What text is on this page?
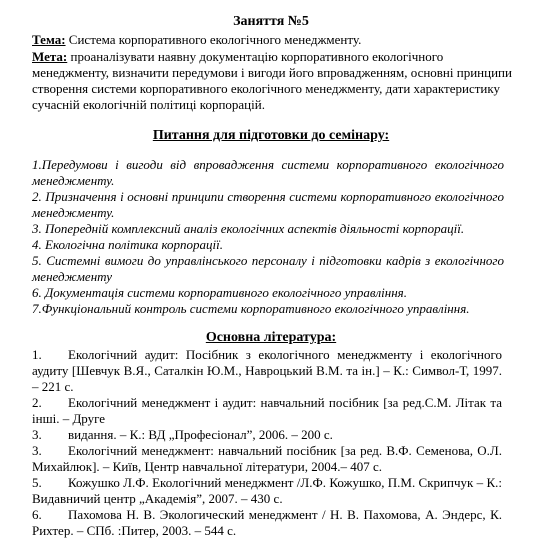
Заняття №5
Тема: Система корпоративного екологічного менеджменту.
Мета: проаналізувати наявну документацію корпоративного екологічного менеджменту, визначити передумови і вигоди його впровадженням, основні принципи створення системи корпоративного екологічного менеджменту, дати характеристику сучасній екологічній політиці корпорацій.
Питання для підготовки до семінару:

1.Передумови і вигоди від впровадження системи корпоративного екологічного менеджменту.

2. Призначення і основні принципи створення системи корпоративного екологічного менеджменту.

3. Попередній комплексний аналіз екологічних аспектів діяльності корпорації.

4. Екологічна політика корпорації.

5. Системні вимоги до управлінського персоналу і підготовки кадрів з екологічного менеджменту

6. Документація системи корпоративного екологічного управління.

7.Функціональний контроль системи корпоративного екологічного управління.

Основна література:

1. Екологічний аудит: Посібник з екологічного менеджменту і екологічного аудиту [Шевчук В.Я., Саталкін Ю.М., Навроцький В.М. та ін.] – К.: Символ-Т, 1997. – 221 с.

2. Екологічний менеджмент і аудит: навчальний посібник [за ред.С.М. Літак та інші. – Друге

3. видання. – К.: ВД „Професіонал”, 2006. – 200 с.

3. Екологічний менеджмент: навчальний посібник [за ред. В.Ф. Семенова, О.Л. Михайлюк]. – Київ, Центр навчальної літератури, 2004.– 407 с.

5. Кожушко Л.Ф. Екологічний менеджмент /Л.Ф. Кожушко, П.М. Скрипчук – К.: Видавничий центр „Академія”, 2007. – 430 с.

6. Пахомова Н. В. Экологический менеджмент / Н. В. Пахомова, А. Эндерс, К. Рихтер. – СПб. :Питер, 2003. – 544 с.
